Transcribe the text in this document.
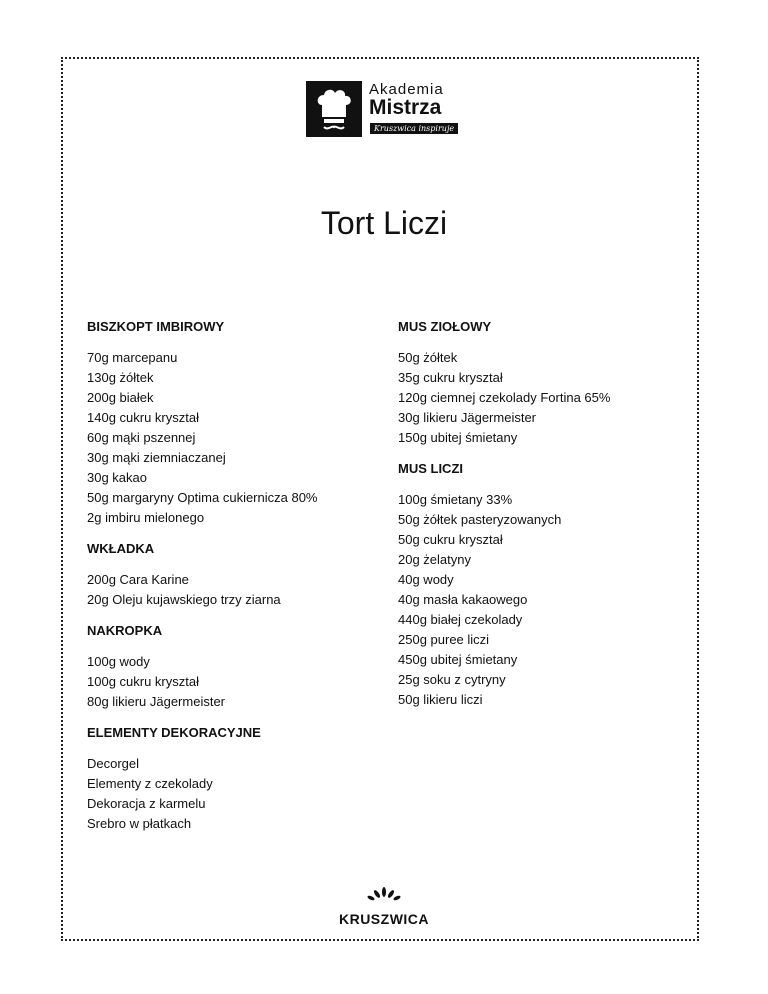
Akademia
Mistrza
Kruszwica inspiruje
Tort Liczi
BISZKOPT IMBIROWY
70g marcepanu
130g żółtek
200g białek
140g cukru kryształ
60g mąki pszennej
30g mąki ziemniaczanej
30g kakao
50g margaryny Optima cukiernicza 80%
2g imbiru mielonego
WKŁADKA
200g Cara Karine
20g Oleju kujawskiego trzy ziarna
NAKROPKA
100g wody
100g cukru kryształ
80g likieru Jägermeister
ELEMENTY DEKORACYJNE
Decorgel
Elementy z czekolady
Dekoracja z karmelu
Srebro w płatkach
MUS ZIOŁOWY
50g żółtek
35g cukru kryształ
120g ciemnej czekolady Fortina 65%
30g likieru Jägermeister
150g ubitej śmietany
MUS LICZI
100g śmietany 33%
50g żółtek pasteryzowanych
50g cukru kryształ
20g żelatyny
40g wody
40g masła kakaowego
440g białej czekolady
250g puree liczi
450g ubitej śmietany
25g soku z cytryny
50g likieru liczi
KRUSZWICA
